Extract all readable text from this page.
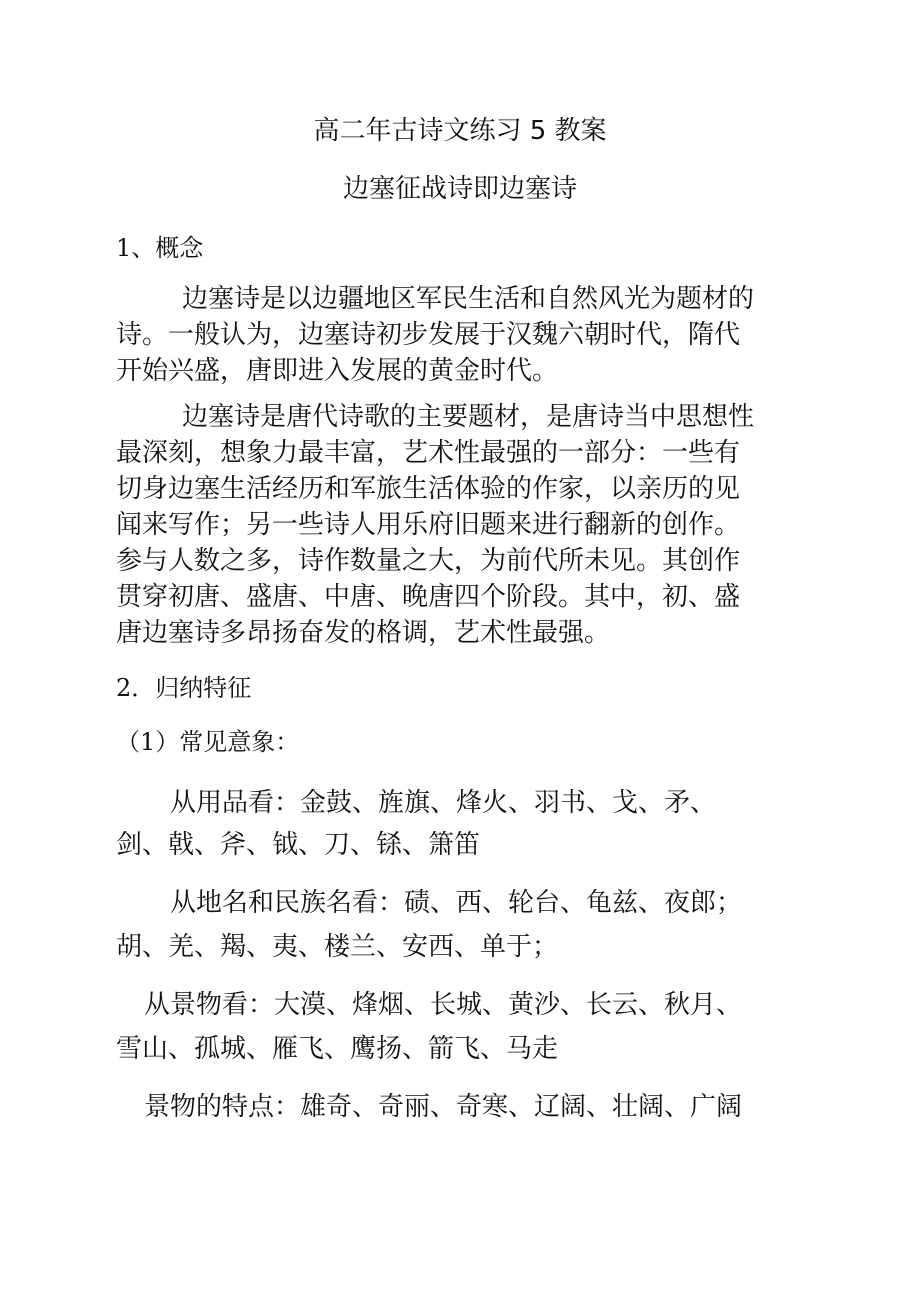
高二年古诗文练习 5 教案
边塞征战诗即边塞诗
1、概念
边塞诗是以边疆地区军民生活和自然风光为题材的
诗。一般认为，边塞诗初步发展于汉魏六朝时代，隋代
开始兴盛，唐即进入发展的黄金时代。
边塞诗是唐代诗歌的主要题材，是唐诗当中思想性
最深刻，想象力最丰富，艺术性最强的一部分：一些有
切身边塞生活经历和军旅生活体验的作家，以亲历的见
闻来写作；另一些诗人用乐府旧题来进行翻新的创作。
参与人数之多，诗作数量之大，为前代所未见。其创作
贯穿初唐、盛唐、中唐、晚唐四个阶段。其中，初、盛
唐边塞诗多昂扬奋发的格调，艺术性最强。
2．归纳特征
（1）常见意象：
从用品看：金鼓、旌旗、烽火、羽书、戈、矛、
剑、戟、斧、钺、刀、铩、箫笛
从地名和民族名看：碛、西、轮台、龟兹、夜郎；
胡、羌、羯、夷、楼兰、安西、单于；
从景物看：大漠、烽烟、长城、黄沙、长云、秋月、
雪山、孤城、雁飞、鹰扬、箭飞、马走
景物的特点：雄奇、奇丽、奇寒、辽阔、壮阔、广阔
